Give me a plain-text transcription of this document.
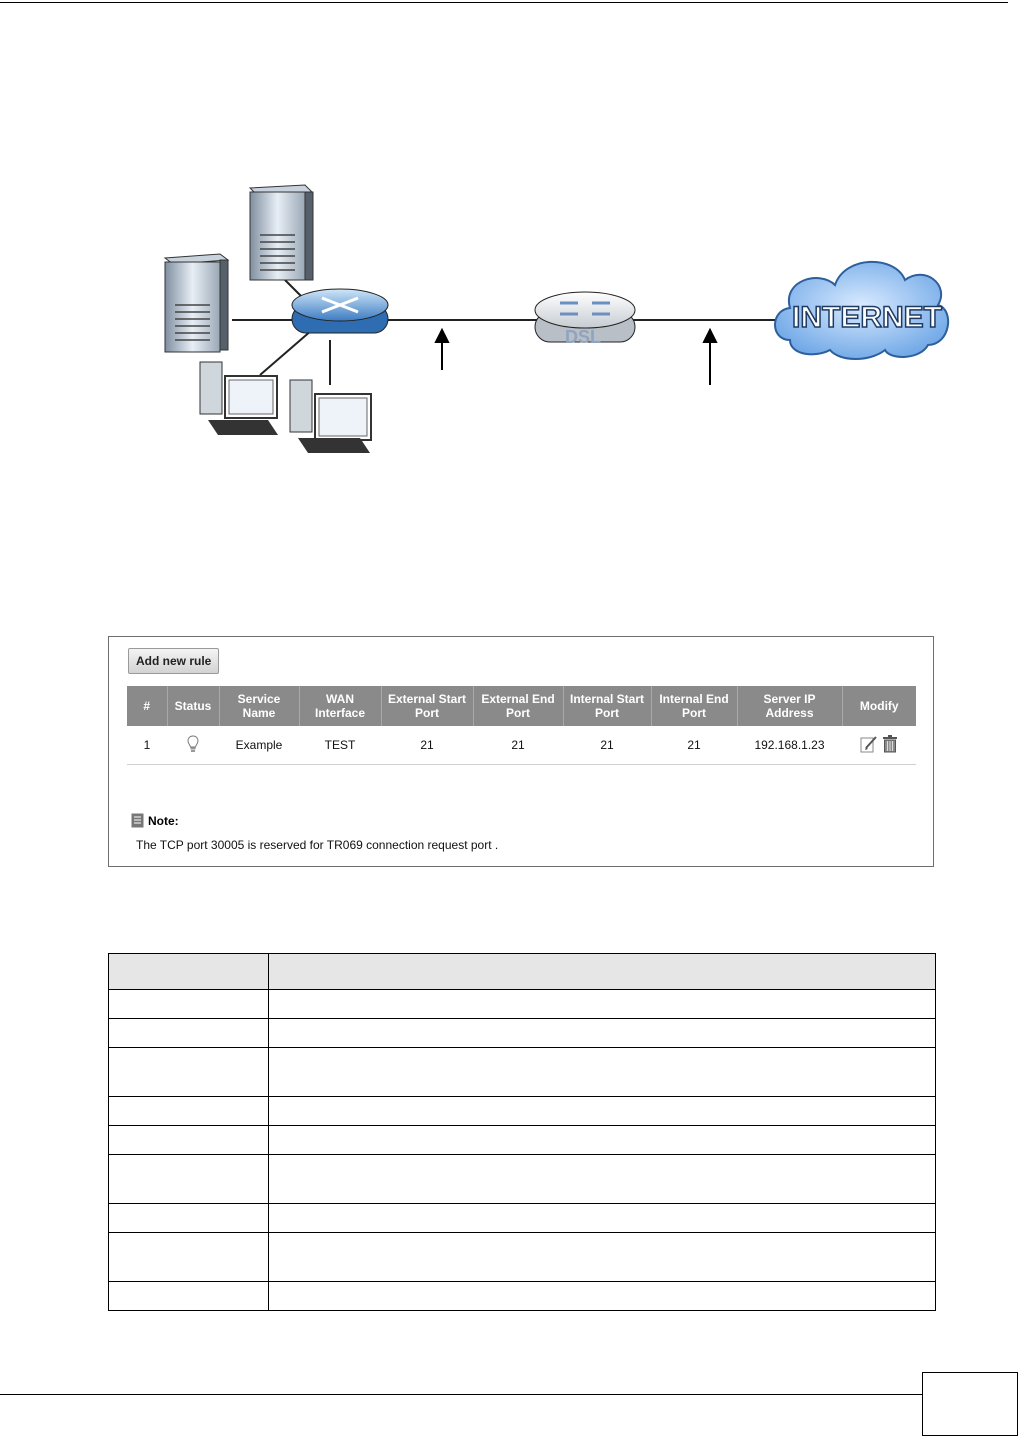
DSL
INTERNET
Add new rule
#	Status	Service Name	WAN Interface	External Start Port	External End Port	Internal Start Port	Internal End Port	Server IP Address	Modify
1		Example	TEST	21	21	21	21	192.168.1.23	
Note:
The TCP port 30005 is reserved for TR069 connection request port .
